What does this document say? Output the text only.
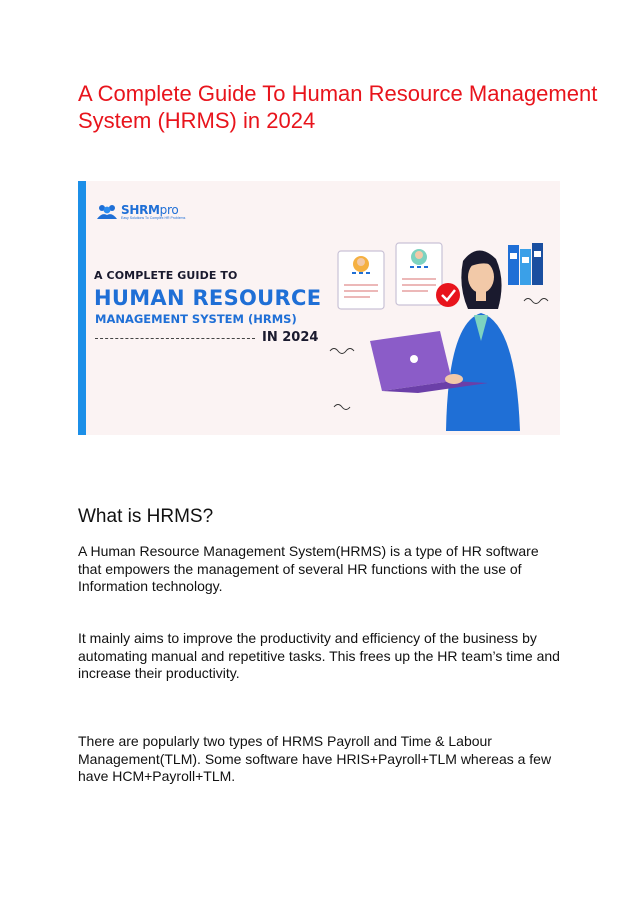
A Complete Guide To Human Resource Management System (HRMS) in 2024
SHRMpro
Easy Solutions To Complex HR Problems
A COMPLETE GUIDE TO
HUMAN RESOURCE
MANAGEMENT SYSTEM (HRMS)
IN 2024
What is HRMS?

A Human Resource Management System(HRMS) is a type of HR software that empowers the management of several HR functions with the use of Information technology.

It mainly aims to improve the productivity and efficiency of the business by automating manual and repetitive tasks. This frees up the HR team’s time and increase their productivity.

There are popularly two types of HRMS Payroll and Time & Labour Management(TLM). Some software have HRIS+Payroll+TLM whereas a few have HCM+Payroll+TLM.
